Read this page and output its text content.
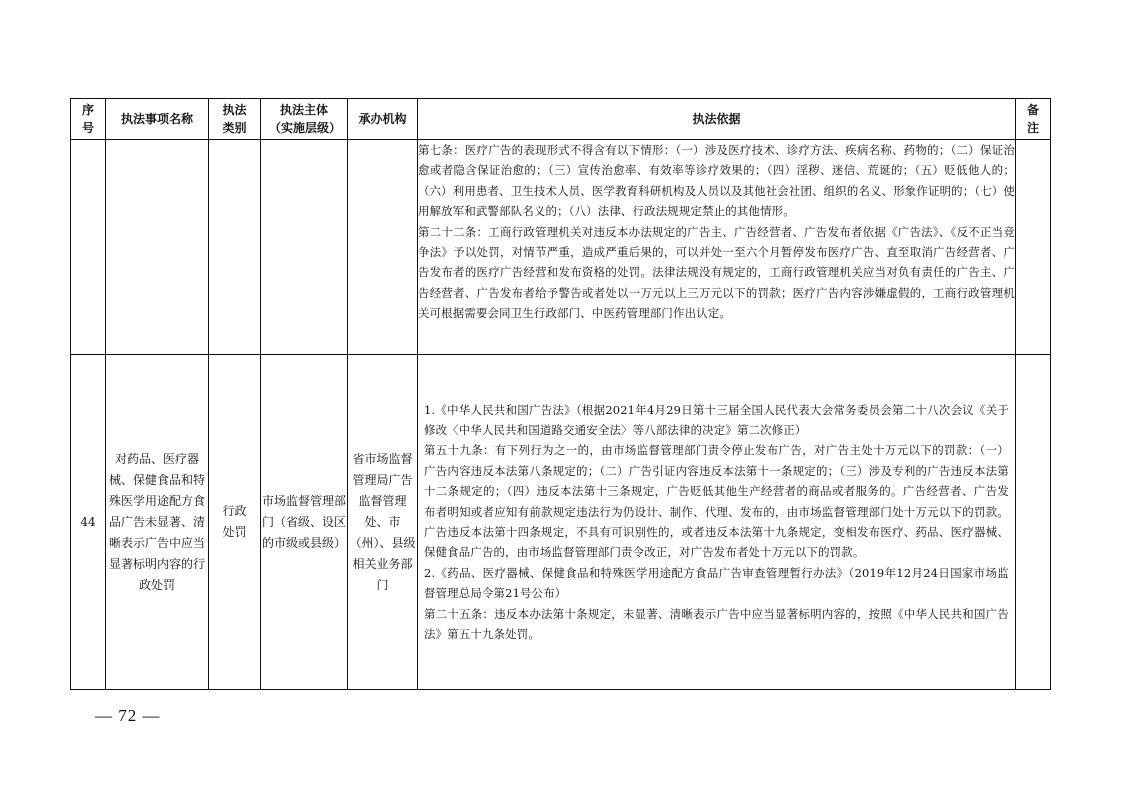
序号	执法事项名称	执法类别	执法主体（实施层级）	承办机构	执法依据	备注

					第七条：医疗广告的表现形式不得含有以下情形：（一）涉及医疗技术、诊疗方法、疾病名称、药物的；（二）保证治愈或者隐含保证治愈的；（三）宣传治愈率、有效率等诊疗效果的；（四）淫秽、迷信、荒诞的；（五）贬低他人的；（六）利用患者、卫生技术人员、医学教育科研机构及人员以及其他社会社团、组织的名义、形象作证明的；（七）使用解放军和武警部队名义的；（八）法律、行政法规规定禁止的其他情形。
第二十二条：工商行政管理机关对违反本办法规定的广告主、广告经营者、广告发布者依据《广告法》、《反不正当竞争法》予以处罚，对情节严重，造成严重后果的，可以并处一至六个月暂停发布医疗广告、直至取消广告经营者、广告发布者的医疗广告经营和发布资格的处罚。法律法规没有规定的，工商行政管理机关应当对负有责任的广告主、广告经营者、广告发布者给予警告或者处以一万元以上三万元以下的罚款；医疗广告内容涉嫌虚假的，工商行政管理机关可根据需要会同卫生行政部门、中医药管理部门作出认定。	

44	对药品、医疗器械、保健食品和特殊医学用途配方食品广告未显著、清晰表示广告中应当显著标明内容的行政处罚	行政处罚	市场监督管理部门（省级、设区的市级或县级）	省市场监督管理局广告监督管理处、市（州）、县级相关业务部门	1.《中华人民共和国广告法》（根据2021年4月29日第十三届全国人民代表大会常务委员会第二十八次会议《关于修改〈中华人民共和国道路交通安全法〉等八部法律的决定》第二次修正）
第五十九条：有下列行为之一的，由市场监督管理部门责令停止发布广告，对广告主处十万元以下的罚款：（一）广告内容违反本法第八条规定的；（二）广告引证内容违反本法第十一条规定的；（三）涉及专利的广告违反本法第十二条规定的；（四）违反本法第十三条规定，广告贬低其他生产经营者的商品或者服务的。广告经营者、广告发布者明知或者应知有前款规定违法行为仍设计、制作、代理、发布的，由市场监督管理部门处十万元以下的罚款。广告违反本法第十四条规定，不具有可识别性的，或者违反本法第十九条规定，变相发布医疗、药品、医疗器械、保健食品广告的，由市场监督管理部门责令改正，对广告发布者处十万元以下的罚款。
2.《药品、医疗器械、保健食品和特殊医学用途配方食品广告审查管理暂行办法》（2019年12月24日国家市场监督管理总局令第21号公布）
第二十五条：违反本办法第十条规定，未显著、清晰表示广告中应当显著标明内容的，按照《中华人民共和国广告法》第五十九条处罚。	

— 72 —
